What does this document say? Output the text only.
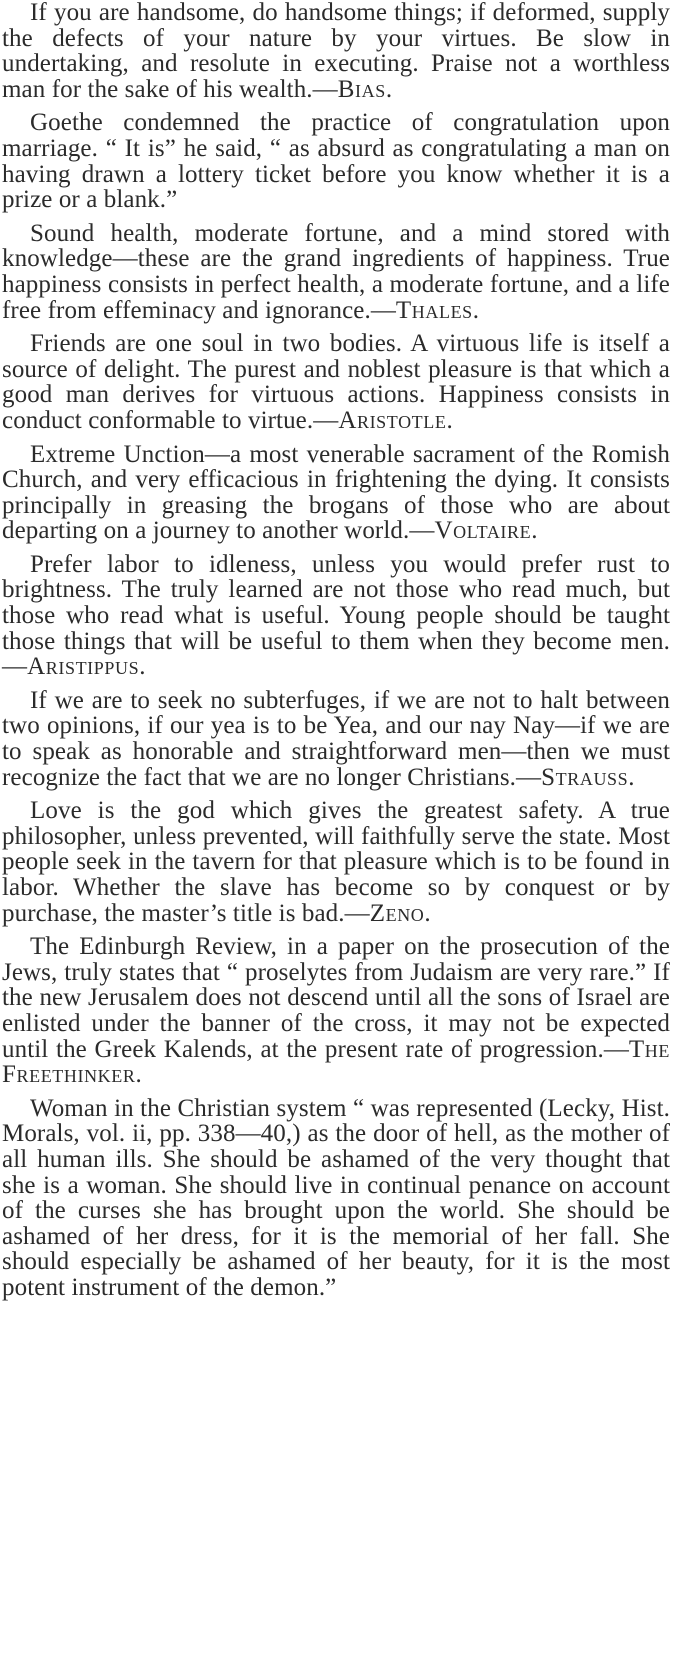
If you are handsome, do handsome things; if deformed, supply the defects of your nature by your virtues. Be slow in undertaking, and resolute in executing. Praise not a worthless man for the sake of his wealth.—Bias.

Goethe condemned the practice of congratulation upon marriage. “ It is” he said, “ as absurd as congratulating a man on having drawn a lottery ticket before you know whether it is a prize or a blank.”

Sound health, moderate fortune, and a mind stored with knowledge—these are the grand ingredients of happiness. True happiness consists in perfect health, a moderate fortune, and a life free from effeminacy and ignorance.—Thales.

Friends are one soul in two bodies. A virtuous life is itself a source of delight. The purest and noblest pleasure is that which a good man derives for virtuous actions. Happiness consists in conduct conformable to virtue.—Aristotle.

Extreme Unction—a most venerable sacrament of the Romish Church, and very efficacious in frightening the dying. It consists principally in greasing the brogans of those who are about departing on a journey to another world.—Voltaire.

Prefer labor to idleness, unless you would prefer rust to brightness. The truly learned are not those who read much, but those who read what is useful. Young people should be taught those things that will be useful to them when they become men.—Aristippus.

If we are to seek no subterfuges, if we are not to halt between two opinions, if our yea is to be Yea, and our nay Nay—if we are to speak as honorable and straightforward men—then we must recognize the fact that we are no longer Christians.—Strauss.

Love is the god which gives the greatest safety. A true philosopher, unless prevented, will faithfully serve the state. Most people seek in the tavern for that pleasure which is to be found in labor. Whether the slave has become so by conquest or by purchase, the master’s title is bad.—Zeno.

The Edinburgh Review, in a paper on the prosecution of the Jews, truly states that “ proselytes from Judaism are very rare.” If the new Jerusalem does not descend until all the sons of Israel are enlisted under the banner of the cross, it may not be expected until the Greek Kalends, at the present rate of progression.—The Freethinker.

Woman in the Christian system “ was represented (Lecky, Hist. Morals, vol. ii, pp. 338—40,) as the door of hell, as the mother of all human ills. She should be ashamed of the very thought that she is a woman. She should live in continual penance on account of the curses she has brought upon the world. She should be ashamed of her dress, for it is the memorial of her fall. She should especially be ashamed of her beauty, for it is the most potent instrument of the demon.”
